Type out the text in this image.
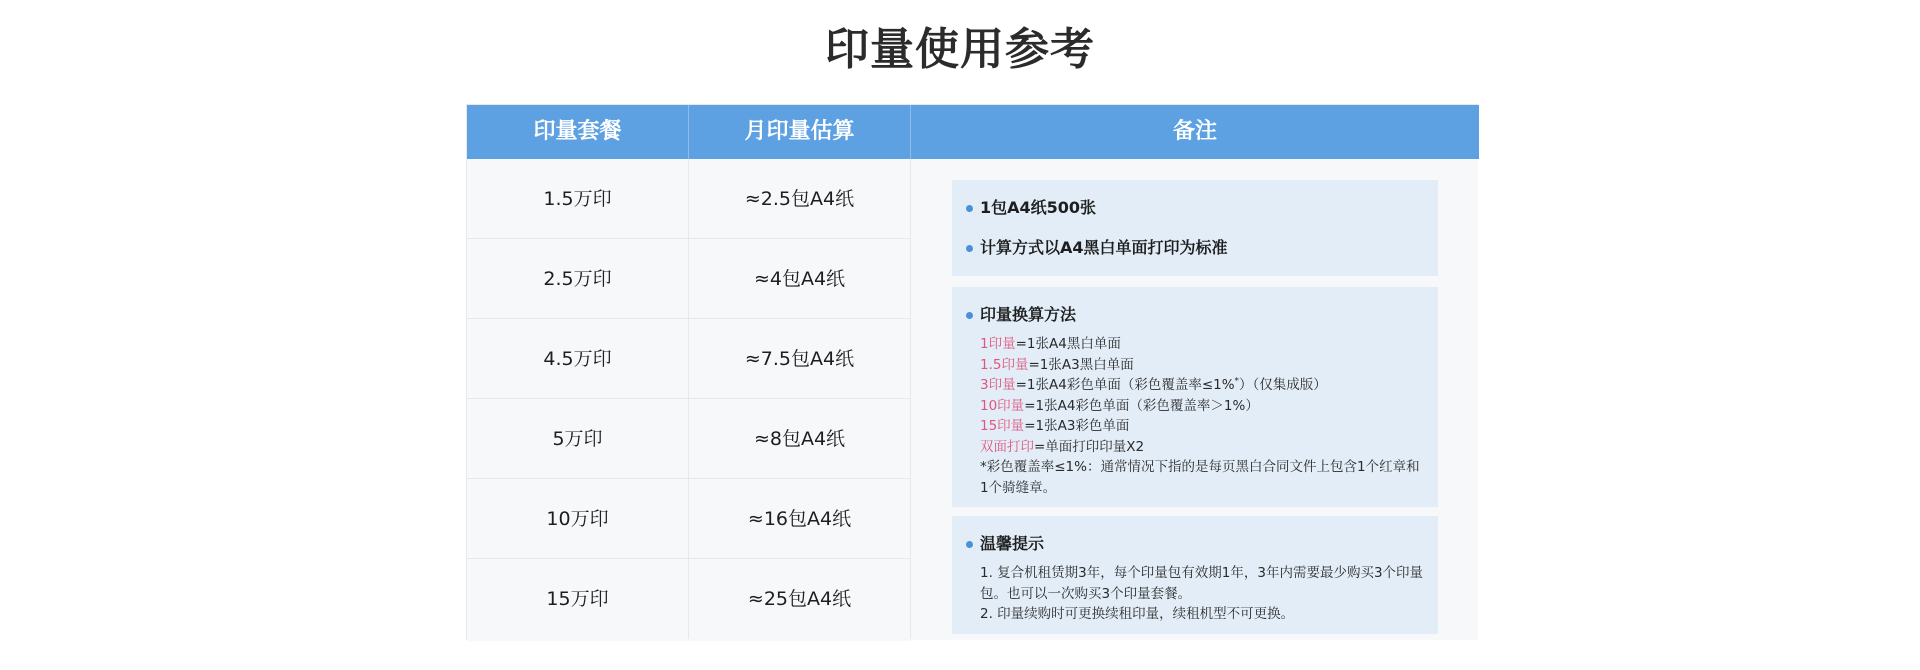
印量使用参考
印量套餐	月印量估算	备注
1.5万印	≈2.5包A4纸
2.5万印	≈4包A4纸
4.5万印	≈7.5包A4纸
5万印	≈8包A4纸
10万印	≈16包A4纸
15万印	≈25包A4纸
1包A4纸500张
计算方式以A4黑白单面打印为标准
印量换算方法
1印量=1张A4黑白单面
1.5印量=1张A3黑白单面
3印量=1张A4彩色单面（彩色覆盖率≤1%*）（仅集成版）
10印量=1张A4彩色单面（彩色覆盖率＞1%）
15印量=1张A3彩色单面
双面打印=单面打印印量X2
*彩色覆盖率≤1%：通常情况下指的是每页黑白合同文件上包含1个红章和1个骑缝章。
温馨提示
1. 复合机租赁期3年，每个印量包有效期1年，3年内需要最少购买3个印量包。也可以一次购买3个印量套餐。
2. 印量续购时可更换续租印量，续租机型不可更换。
